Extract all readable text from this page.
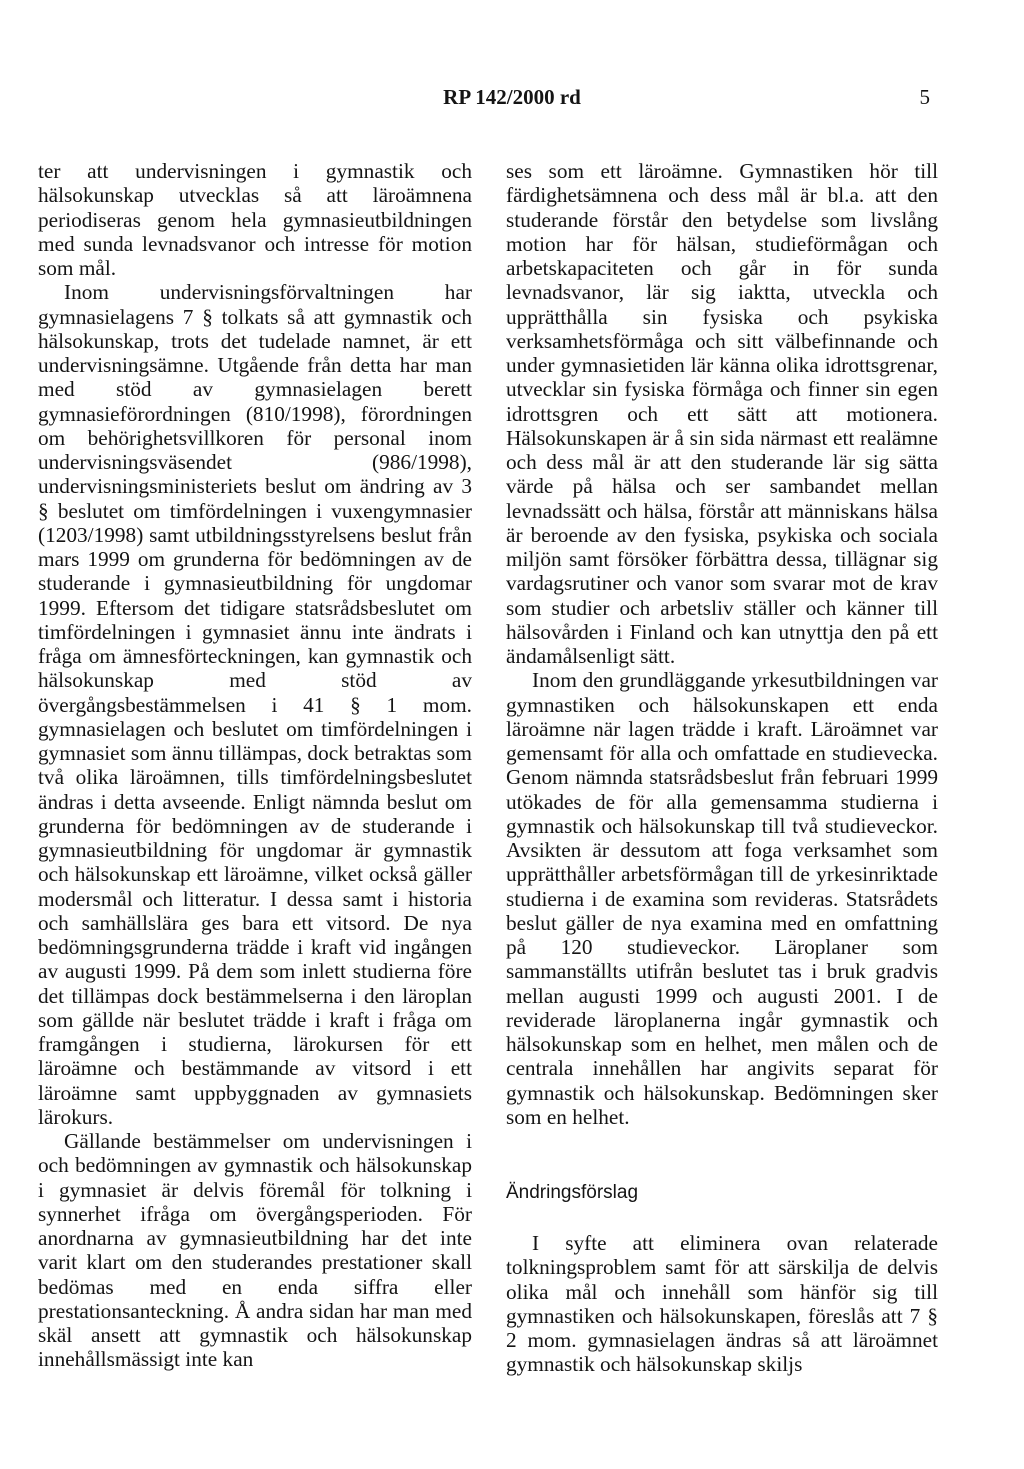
RP 142/2000 rd	5

ter att undervisningen i gymnastik och hälsokunskap utvecklas så att läroämnena periodiseras genom hela gymnasieutbildningen med sunda levnadsvanor och intresse för motion som mål.

Inom undervisningsförvaltningen har gymnasielagens 7 § tolkats så att gymnastik och hälsokunskap, trots det tudelade namnet, är ett undervisningsämne. Utgående från detta har man med stöd av gymnasielagen berett gymnasieförordningen (810/1998), förordningen om behörighetsvillkoren för personal inom undervisningsväsendet (986/1998), undervisningsministeriets beslut om ändring av 3 § beslutet om timfördelningen i vuxengymnasier (1203/1998) samt utbildningsstyrelsens beslut från mars 1999 om grunderna för bedömningen av de studerande i gymnasieutbildning för ungdomar 1999. Eftersom det tidigare statsrådsbeslutet om timfördelningen i gymnasiet ännu inte ändrats i fråga om ämnesförteckningen, kan gymnastik och hälsokunskap med stöd av övergångsbestämmelsen i 41 § 1 mom. gymnasielagen och beslutet om timfördelningen i gymnasiet som ännu tillämpas, dock betraktas som två olika läroämnen, tills timfördelningsbeslutet ändras i detta avseende. Enligt nämnda beslut om grunderna för bedömningen av de studerande i gymnasieutbildning för ungdomar är gymnastik och hälsokunskap ett läroämne, vilket också gäller modersmål och litteratur. I dessa samt i historia och samhällslära ges bara ett vitsord. De nya bedömningsgrunderna trädde i kraft vid ingången av augusti 1999. På dem som inlett studierna före det tillämpas dock bestämmelserna i den läroplan som gällde när beslutet trädde i kraft i fråga om framgången i studierna, lärokursen för ett läroämne och bestämmande av vitsord i ett läroämne samt uppbyggnaden av gymnasiets lärokurs.

Gällande bestämmelser om undervisningen i och bedömningen av gymnastik och hälsokunskap i gymnasiet är delvis föremål för tolkning i synnerhet ifråga om övergångsperioden. För anordnarna av gymnasieutbildning har det inte varit klart om den studerandes prestationer skall bedömas med en enda siffra eller prestationsanteckning. Å andra sidan har man med skäl ansett att gymnastik och hälsokunskap innehållsmässigt inte kan

ses som ett läroämne. Gymnastiken hör till färdighetsämnena och dess mål är bl.a. att den studerande förstår den betydelse som livslång motion har för hälsan, studieförmågan och arbetskapaciteten och går in för sunda levnadsvanor, lär sig iaktta, utveckla och upprätthålla sin fysiska och psykiska verksamhetsförmåga och sitt välbefinnande och under gymnasietiden lär känna olika idrottsgrenar, utvecklar sin fysiska förmåga och finner sin egen idrottsgren och ett sätt att motionera. Hälsokunskapen är å sin sida närmast ett realämne och dess mål är att den studerande lär sig sätta värde på hälsa och ser sambandet mellan levnadssätt och hälsa, förstår att människans hälsa är beroende av den fysiska, psykiska och sociala miljön samt försöker förbättra dessa, tillägnar sig vardagsrutiner och vanor som svarar mot de krav som studier och arbetsliv ställer och känner till hälsovården i Finland och kan utnyttja den på ett ändamålsenligt sätt.

Inom den grundläggande yrkesutbildningen var gymnastiken och hälsokunskapen ett enda läroämne när lagen trädde i kraft. Läroämnet var gemensamt för alla och omfattade en studievecka. Genom nämnda statsrådsbeslut från februari 1999 utökades de för alla gemensamma studierna i gymnastik och hälsokunskap till två studieveckor. Avsikten är dessutom att foga verksamhet som upprätthåller arbetsförmågan till de yrkesinriktade studierna i de examina som revideras. Statsrådets beslut gäller de nya examina med en omfattning på 120 studieveckor. Läroplaner som sammanställts utifrån beslutet tas i bruk gradvis mellan augusti 1999 och augusti 2001. I de reviderade läroplanerna ingår gymnastik och hälsokunskap som en helhet, men målen och de centrala innehållen har angivits separat för gymnastik och hälsokunskap. Bedömningen sker som en helhet.

Ändringsförslag

I syfte att eliminera ovan relaterade tolkningsproblem samt för att särskilja de delvis olika mål och innehåll som hänför sig till gymnastiken och hälsokunskapen, föreslås att 7 § 2 mom. gymnasielagen ändras så att läroämnet gymnastik och hälsokunskap skiljs
